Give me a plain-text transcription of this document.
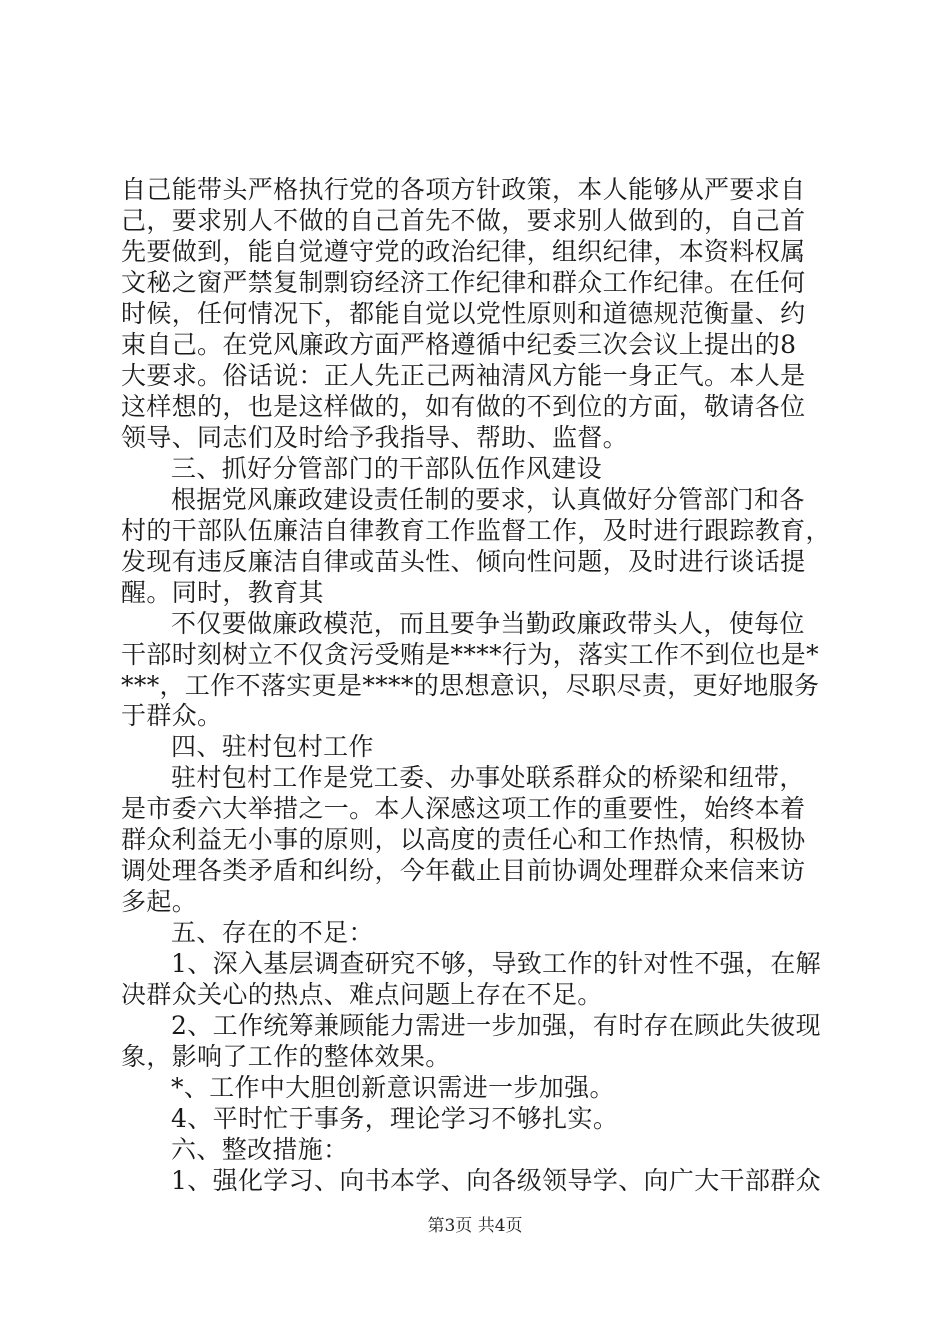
自己能带头严格执行党的各项方针政策，本人能够从严要求自
己，要求别人不做的自己首先不做，要求别人做到的，自己首
先要做到，能自觉遵守党的政治纪律，组织纪律，本资料权属
文秘之窗严禁复制剽窃经济工作纪律和群众工作纪律。在任何
时候，任何情况下，都能自觉以党性原则和道德规范衡量、约
束自己。在党风廉政方面严格遵循中纪委三次会议上提出的8
大要求。俗话说：正人先正己两袖清风方能一身正气。本人是
这样想的，也是这样做的，如有做的不到位的方面，敬请各位
领导、同志们及时给予我指导、帮助、监督。
三、抓好分管部门的干部队伍作风建设
根据党风廉政建设责任制的要求，认真做好分管部门和各
村的干部队伍廉洁自律教育工作监督工作，及时进行跟踪教育，
发现有违反廉洁自律或苗头性、倾向性问题，及时进行谈话提
醒。同时，教育其
不仅要做廉政模范，而且要争当勤政廉政带头人，使每位
干部时刻树立不仅贪污受贿是****行为，落实工作不到位也是*
***，工作不落实更是****的思想意识，尽职尽责，更好地服务
于群众。
四、驻村包村工作
驻村包村工作是党工委、办事处联系群众的桥梁和纽带，
是市委六大举措之一。本人深感这项工作的重要性，始终本着
群众利益无小事的原则，以高度的责任心和工作热情，积极协
调处理各类矛盾和纠纷，今年截止目前协调处理群众来信来访
多起。
五、存在的不足：
1、深入基层调查研究不够，导致工作的针对性不强，在解
决群众关心的热点、难点问题上存在不足。
2、工作统筹兼顾能力需进一步加强，有时存在顾此失彼现
象，影响了工作的整体效果。
*、工作中大胆创新意识需进一步加强。
4、平时忙于事务，理论学习不够扎实。
六、整改措施：
1、强化学习、向书本学、向各级领导学、向广大干部群众
第3页 共4页
